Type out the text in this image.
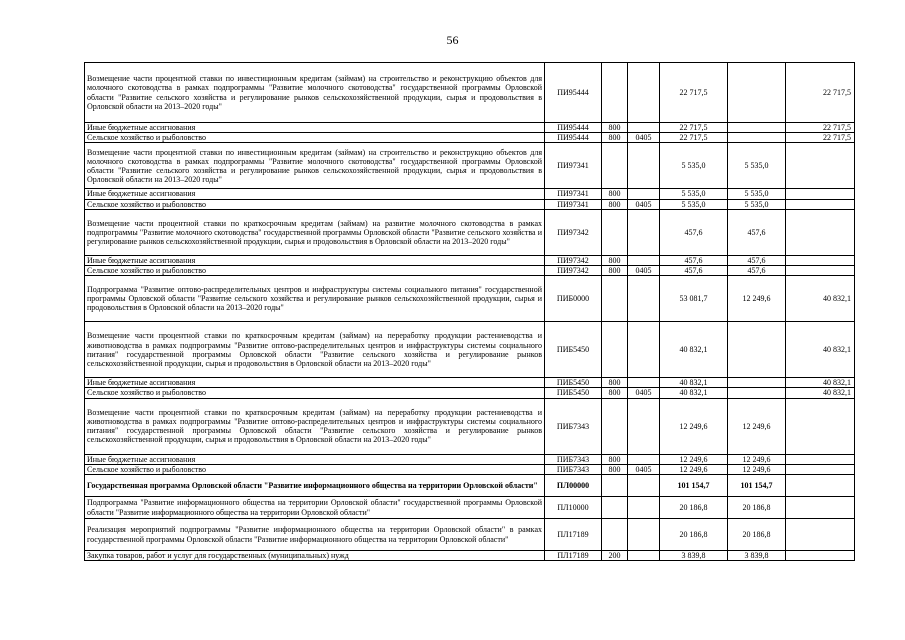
56
Возмещение части процентной ставки по инвестиционным кредитам (займам) на строительство и реконструкцию объектов для молочного скотоводства в рамках подпрограммы "Развитие молочного скотоводства" государственной программы Орловской области "Развитие сельского хозяйства и регулирование рынков сельскохозяйственной продукции, сырья и продовольствия в Орловской области на 2013–2020 годы"	ПИ95444			22 717,5		22 717,5
Иные бюджетные ассигнования	ПИ95444	800		22 717,5		22 717,5
Сельское хозяйство и рыболовство	ПИ95444	800	0405	22 717,5		22 717,5
Возмещение части процентной ставки по инвестиционным кредитам (займам) на строительство и реконструкцию объектов для молочного скотоводства в рамках подпрограммы "Развитие молочного скотоводства" государственной программы Орловской области "Развитие сельского хозяйства и регулирование рынков сельскохозяйственной продукции, сырья и продовольствия в Орловской области на 2013–2020 годы"	ПИ97341			5 535,0	5 535,0	
Иные бюджетные ассигнования	ПИ97341	800		5 535,0	5 535,0	
Сельское хозяйство и рыболовство	ПИ97341	800	0405	5 535,0	5 535,0	
Возмещение части процентной ставки по краткосрочным кредитам (займам) на развитие молочного скотоводства в рамках подпрограммы "Развитие молочного скотоводства" государственной программы Орловской области "Развитие сельского хозяйства и регулирование рынков сельскохозяйственной продукции, сырья и продовольствия в Орловской области на 2013–2020 годы"	ПИ97342			457,6	457,6	
Иные бюджетные ассигнования	ПИ97342	800		457,6	457,6	
Сельское хозяйство и рыболовство	ПИ97342	800	0405	457,6	457,6	
Подпрограмма "Развитие оптово-распределительных центров и инфраструктуры системы социального питания" государственной программы Орловской области "Развитие сельского хозяйства и регулирование рынков сельскохозяйственной продукции, сырья и продовольствия в Орловской области на 2013–2020 годы"	ПИБ0000			53 081,7	12 249,6	40 832,1
Возмещение части процентной ставки по краткосрочным кредитам (займам) на переработку продукции растениеводства и животноводства в рамках подпрограммы "Развитие оптово-распределительных центров и инфраструктуры системы социального питания" государственной программы Орловской области "Развитие сельского хозяйства и регулирование рынков сельскохозяйственной продукции, сырья и продовольствия в Орловской области на 2013–2020 годы"	ПИБ5450			40 832,1		40 832,1
Иные бюджетные ассигнования	ПИБ5450	800		40 832,1		40 832,1
Сельское хозяйство и рыболовство	ПИБ5450	800	0405	40 832,1		40 832,1
Возмещение части процентной ставки по краткосрочным кредитам (займам) на переработку продукции растениеводства и животноводства в рамках подпрограммы "Развитие оптово-распределительных центров и инфраструктуры системы социального питания" государственной программы Орловской области "Развитие сельского хозяйства и регулирование рынков сельскохозяйственной продукции, сырья и продовольствия в Орловской области на 2013–2020 годы"	ПИБ7343			12 249,6	12 249,6	
Иные бюджетные ассигнования	ПИБ7343	800		12 249,6	12 249,6	
Сельское хозяйство и рыболовство	ПИБ7343	800	0405	12 249,6	12 249,6	
Государственная программа Орловской области "Развитие информационного общества на территории Орловской области"	ПЛ00000			101 154,7	101 154,7	
Подпрограмма "Развитие информационного общества на территории Орловской области" государственной программы Орловской области "Развитие информационного общества на территории Орловской области"	ПЛ10000			20 186,8	20 186,8	
Реализация мероприятий подпрограммы "Развитие информационного общества на территории Орловской области" в рамках государственной программы Орловской области "Развитие информационного общества на территории Орловской области"	ПЛ17189			20 186,8	20 186,8	
Закупка товаров, работ и услуг для государственных (муниципальных) нужд	ПЛ17189	200		3 839,8	3 839,8	
